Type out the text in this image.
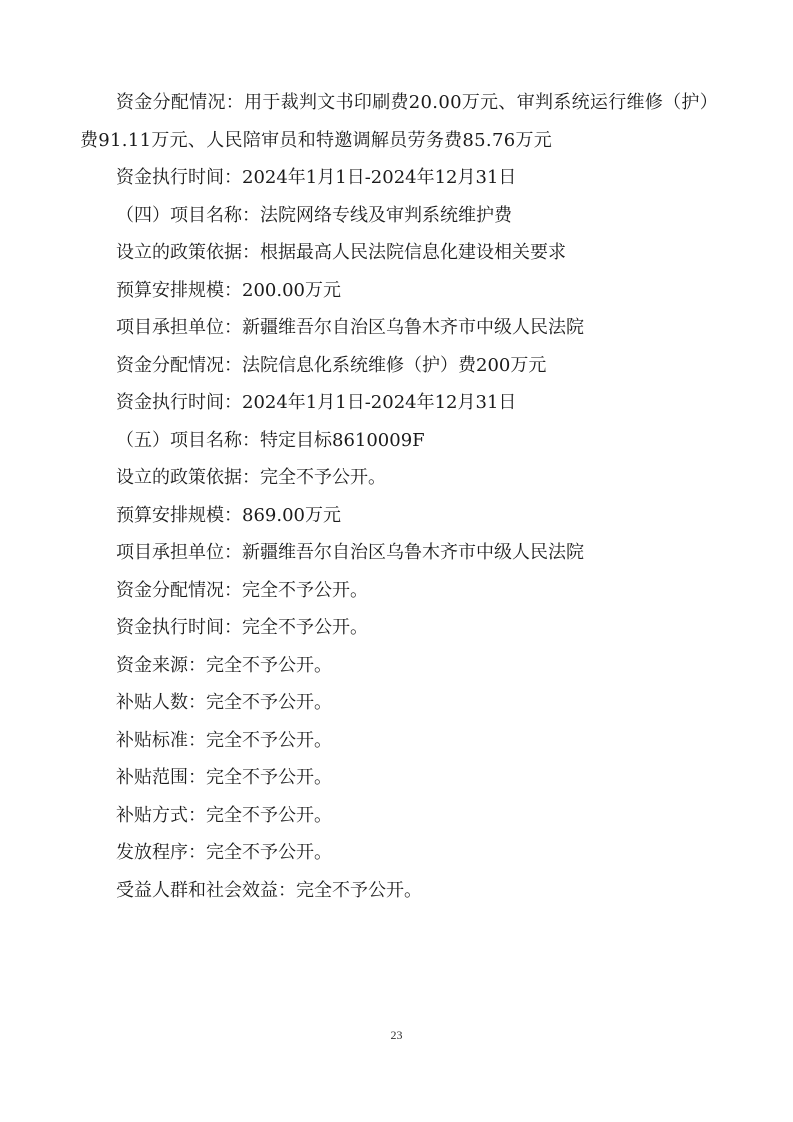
资金分配情况：用于裁判文书印刷费20.00万元、审判系统运行维修（护）费91.11万元、人民陪审员和特邀调解员劳务费85.76万元

资金执行时间：2024年1月1日-2024年12月31日

（四）项目名称：法院网络专线及审判系统维护费

设立的政策依据：根据最高人民法院信息化建设相关要求

预算安排规模：200.00万元

项目承担单位：新疆维吾尔自治区乌鲁木齐市中级人民法院

资金分配情况：法院信息化系统维修（护）费200万元

资金执行时间：2024年1月1日-2024年12月31日

（五）项目名称：特定目标8610009F

设立的政策依据：完全不予公开。

预算安排规模：869.00万元

项目承担单位：新疆维吾尔自治区乌鲁木齐市中级人民法院

资金分配情况：完全不予公开。

资金执行时间：完全不予公开。

资金来源：完全不予公开。

补贴人数：完全不予公开。

补贴标准：完全不予公开。

补贴范围：完全不予公开。

补贴方式：完全不予公开。

发放程序：完全不予公开。

受益人群和社会效益：完全不予公开。

23
